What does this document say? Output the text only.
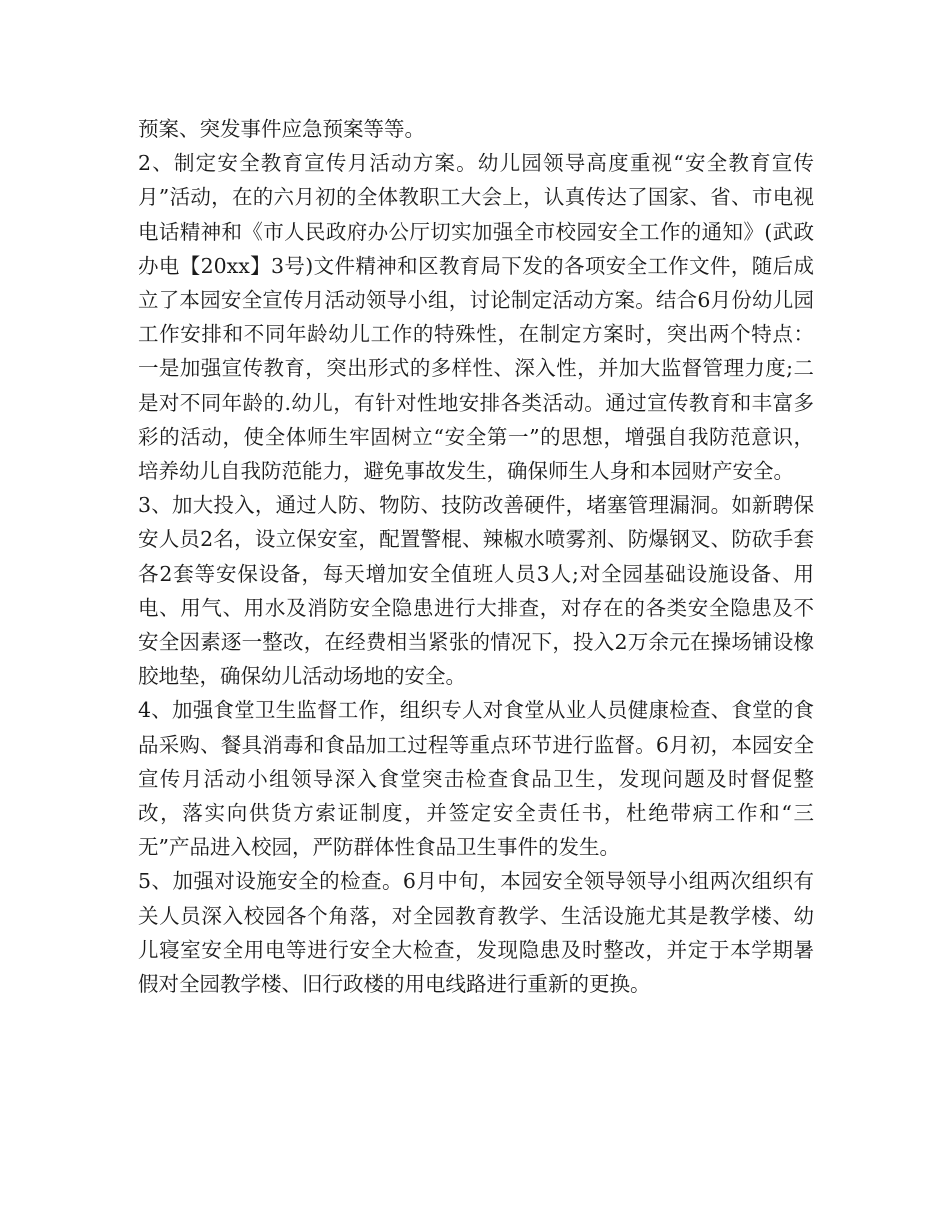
预案、突发事件应急预案等等。

2、制定安全教育宣传月活动方案。幼儿园领导高度重视“安全教育宣传月”活动，在的六月初的全体教职工大会上，认真传达了国家、省、市电视电话精神和《市人民政府办公厅切实加强全市校园安全工作的通知》(武政办电【20xx】3号)文件精神和区教育局下发的各项安全工作文件，随后成立了本园安全宣传月活动领导小组，讨论制定活动方案。结合6月份幼儿园工作安排和不同年龄幼儿工作的特殊性，在制定方案时，突出两个特点：一是加强宣传教育，突出形式的多样性、深入性，并加大监督管理力度;二是对不同年龄的.幼儿，有针对性地安排各类活动。通过宣传教育和丰富多彩的活动，使全体师生牢固树立“安全第一”的思想，增强自我防范意识，培养幼儿自我防范能力，避免事故发生，确保师生人身和本园财产安全。

3、加大投入，通过人防、物防、技防改善硬件，堵塞管理漏洞。如新聘保安人员2名，设立保安室，配置警棍、辣椒水喷雾剂、防爆钢叉、防砍手套各2套等安保设备，每天增加安全值班人员3人;对全园基础设施设备、用电、用气、用水及消防安全隐患进行大排查，对存在的各类安全隐患及不安全因素逐一整改，在经费相当紧张的情况下，投入2万余元在操场铺设橡胶地垫，确保幼儿活动场地的安全。

4、加强食堂卫生监督工作，组织专人对食堂从业人员健康检查、食堂的食品采购、餐具消毒和食品加工过程等重点环节进行监督。6月初，本园安全宣传月活动小组领导深入食堂突击检查食品卫生，发现问题及时督促整改，落实向供货方索证制度，并签定安全责任书，杜绝带病工作和“三无”产品进入校园，严防群体性食品卫生事件的发生。

5、加强对设施安全的检查。6月中旬，本园安全领导领导小组两次组织有关人员深入校园各个角落，对全园教育教学、生活设施尤其是教学楼、幼儿寝室安全用电等进行安全大检查，发现隐患及时整改，并定于本学期暑假对全园教学楼、旧行政楼的用电线路进行重新的更换。
